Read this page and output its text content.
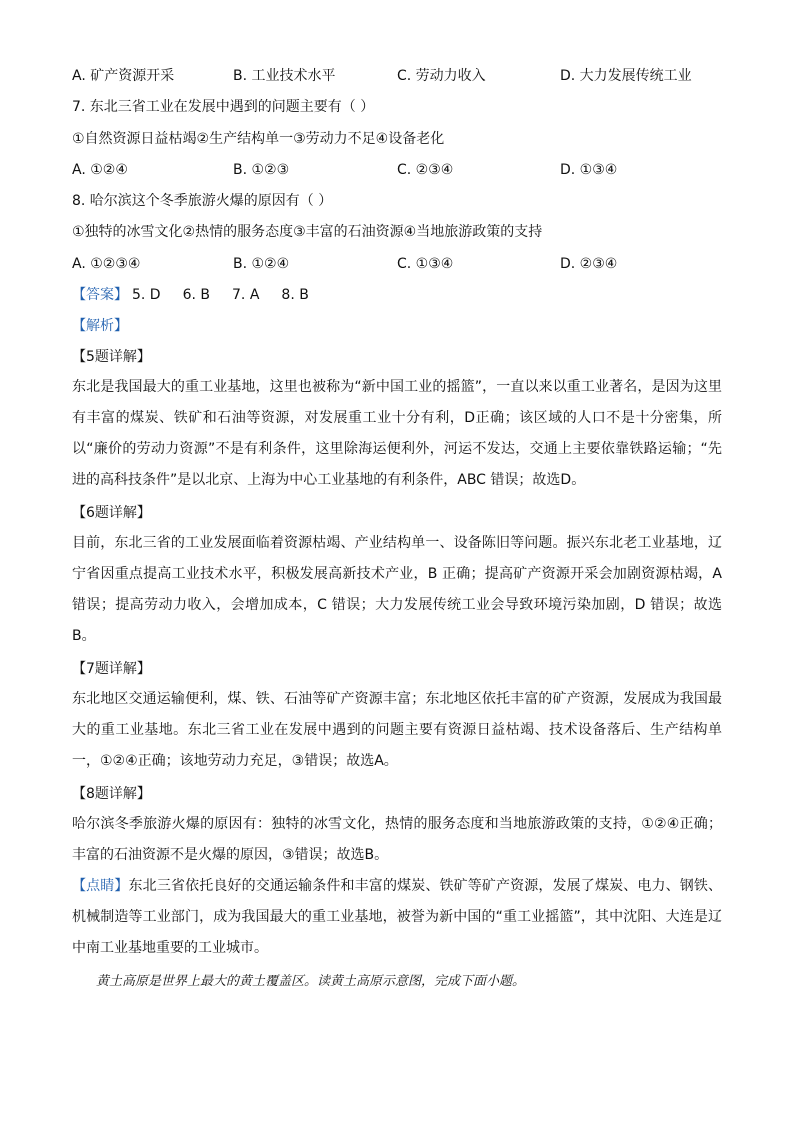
A. 矿产资源开采	B. 工业技术水平	C. 劳动力收入	D. 大力发展传统工业
7. 东北三省工业在发展中遇到的问题主要有（ ）
①自然资源日益枯竭②生产结构单一③劳动力不足④设备老化
A. ①②④	B. ①②③	C. ②③④	D. ①③④
8. 哈尔滨这个冬季旅游火爆的原因有（ ）
①独特的冰雪文化②热情的服务态度③丰富的石油资源④当地旅游政策的支持
A. ①②③④	B. ①②④	C. ①③④	D. ②③④
【答案】 5. D 6. B 7. A 8. B
【解析】
【5题详解】
东北是我国最大的重工业基地，这里也被称为“新中国工业的摇篮”，一直以来以重工业著名，是因为这里有丰富的煤炭、铁矿和石油等资源，对发展重工业十分有利，D正确；该区域的人口不是十分密集，所以“廉价的劳动力资源”不是有利条件，这里除海运便利外，河运不发达，交通上主要依靠铁路运输；“先进的高科技条件”是以北京、上海为中心工业基地的有利条件，ABC 错误；故选D。
【6题详解】
目前，东北三省的工业发展面临着资源枯竭、产业结构单一、设备陈旧等问题。振兴东北老工业基地，辽宁省因重点提高工业技术水平，积极发展高新技术产业，B 正确；提高矿产资源开采会加剧资源枯竭，A错误；提高劳动力收入，会增加成本，C 错误；大力发展传统工业会导致环境污染加剧，D 错误；故选B。
【7题详解】
东北地区交通运输便利，煤、铁、石油等矿产资源丰富；东北地区依托丰富的矿产资源，发展成为我国最大的重工业基地。东北三省工业在发展中遇到的问题主要有资源日益枯竭、技术设备落后、生产结构单一，①②④正确；该地劳动力充足，③错误；故选A。
【8题详解】
哈尔滨冬季旅游火爆的原因有：独特的冰雪文化，热情的服务态度和当地旅游政策的支持，①②④正确；丰富的石油资源不是火爆的原因，③错误；故选B。
【点睛】东北三省依托良好的交通运输条件和丰富的煤炭、铁矿等矿产资源，发展了煤炭、电力、钢铁、机械制造等工业部门，成为我国最大的重工业基地，被誉为新中国的“重工业摇篮”，其中沈阳、大连是辽中南工业基地重要的工业城市。
黄土高原是世界上最大的黄土覆盖区。读黄土高原示意图，完成下面小题。
